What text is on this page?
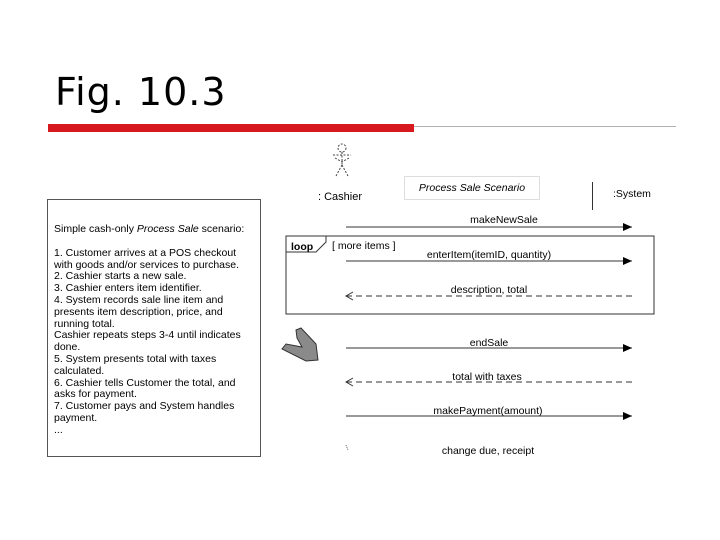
Fig. 10.3

Simple cash-only Process Sale scenario:

1. Customer arrives at a POS checkout with goods and/or services to purchase.
2. Cashier starts a new sale.
3. Cashier enters item identifier.
4. System records sale line item and presents item description, price, and running total.
Cashier repeats steps 3-4 until indicates done.
5. System presents total with taxes calculated.
6. Cashier tells Customer the total, and asks for payment.
7. Customer pays and System handles payment.
...

: Cashier
Process Sale Scenario	:System
loop [ more items ]
makeNewSale
enterItem(itemID, quantity)
description, total
endSale
total with taxes
makePayment(amount)
change due, receipt
